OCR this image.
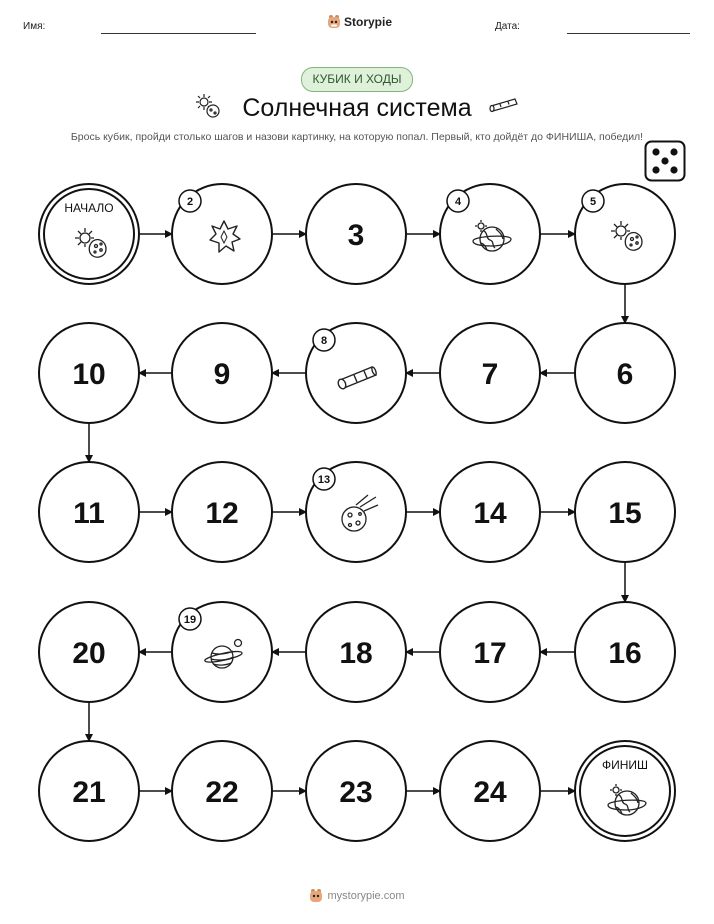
Имя:	Storypie	Дата:
КУБИК И ХОДЫ
Солнечная система
Брось кубик, пройди столько шагов и назови картинку, на которую попал. Первый, кто дойдёт до ФИНИША, победил!
НАЧАЛО	2
3
4	5
6
7
8
9
10
11	12
13
14	15
16
17
18
19
20
21	22	23	24
ФИНИШ
mystorypie.com
